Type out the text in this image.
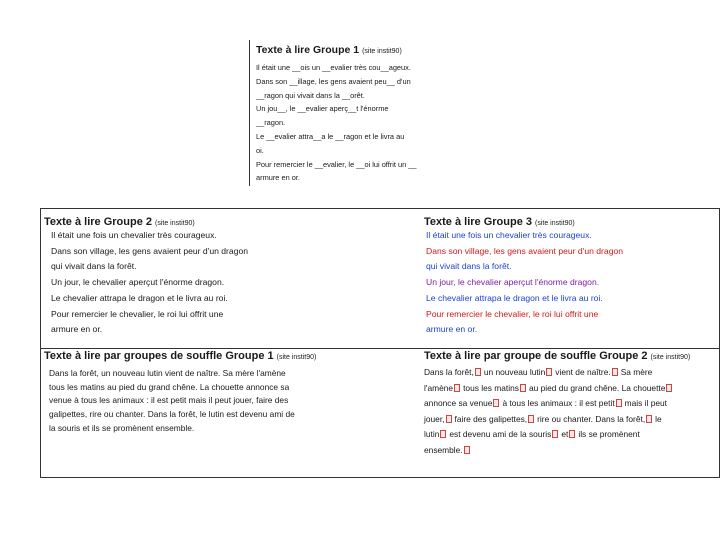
Texte à lire Groupe 1 (site instit90)
Il était une __ois un __evalier très cou__ageux.
Dans son __illage, les gens avaient peu__ d'un
__ragon qui vivait dans la __orêt.
Un jou__, le __evalier aperç__t l'énorme
__ragon.
Le __evalier attra__a le __ragon et le livra au
oi.
Pour remercier le __evalier, le __oi lui offrit un __
armure en or.
Texte à lire Groupe 2 (site instit90)
Il était une fois un chevalier très courageux.
Dans son village, les gens avaient peur d'un dragon
qui vivait dans la forêt.
Un jour, le chevalier aperçut l'énorme dragon.
Le chevalier attrapa le dragon et le livra au roi.
Pour remercier le chevalier, le roi lui offrit une
armure en or.
Texte à lire Groupe 3 (site instit90)
Il était une fois un chevalier très courageux.
Dans son village, les gens avaient peur d'un dragon
qui vivait dans la forêt.
Un jour, le chevalier aperçut l'énorme dragon.
Le chevalier attrapa le dragon et le livra au roi.
Pour remercier le chevalier, le roi lui offrit une
armure en or.
Texte à lire par groupes de souffle Groupe 1 (site instit90)
Dans la forêt, un nouveau lutin vient de naître. Sa mère l'amène
tous les matins au pied du grand chêne. La chouette annonce sa
venue à tous les animaux : il est petit mais il peut jouer, faire des
galipettes, rire ou chanter. Dans la forêt, le lutin est devenu ami de
la souris et ils se promènent ensemble.
Texte à lire par groupe de souffle Groupe 2 (site instit90)
Dans la forêt, un nouveau lutin vient de naître. Sa mère
l'amène tous les matins au pied du grand chêne. La chouette
annonce sa venue à tous les animaux : il est petit mais il peut
jouer, faire des galipettes, rire ou chanter. Dans la forêt, le
lutin est devenu ami de la souris et ils se promènent
ensemble.
